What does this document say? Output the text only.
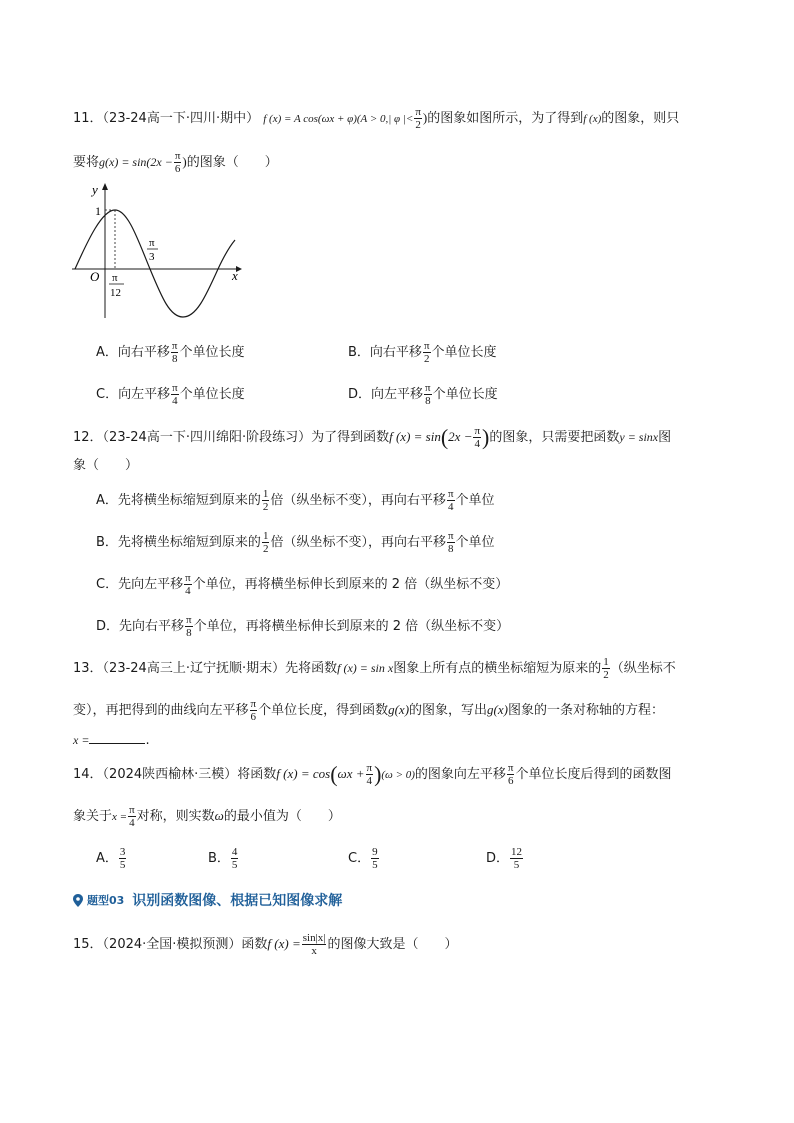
11．（23-24高一下·四川·期中） f (x) = A cos(ωx + φ)(A > 0,| φ |< $\frac{\pi}{2}$ )的图象如图所示，为了得到f (x)的图象，则只
要将$g(x) = \sin(2x - \frac{\pi}{6}$ )的图象（　　）
y
x
O
1
π
12
π
3
A．向右平移 $\frac{\pi}{8}$ 个单位长度	B．向右平移 $\frac{\pi}{2}$ 个单位长度
C．向左平移 $\frac{\pi}{4}$ 个单位长度	D．向左平移 $\frac{\pi}{8}$ 个单位长度
12．（23-24高一下·四川绵阳·阶段练习）为了得到函数f $(x) = \sin(2x - \frac{\pi}{4}$ )的图象，只需要把函数y = sinx图
象（　　）
A．先将横坐标缩短到原来的 $\frac{1}{2}$ 倍（纵坐标不变），再向右平移 $\frac{\pi}{4}$ 个单位
B．先将横坐标缩短到原来的 $\frac{1}{2}$ 倍（纵坐标不变），再向右平移 $\frac{\pi}{8}$ 个单位
C．先向左平移 $\frac{\pi}{4}$ 个单位，再将横坐标伸长到原来的 2 倍（纵坐标不变）
D．先向右平移 $\frac{\pi}{8}$ 个单位，再将横坐标伸长到原来的 2 倍（纵坐标不变）
13．（23-24高三上·辽宁抚顺·期末）先将函数f (x) = sin x图象上所有点的横坐标缩短为原来的 $\frac{1}{2}$ （纵坐标不
变），再把得到的曲线向左平移 $\frac{\pi}{6}$ 个单位长度，得到函数g(x)的图象，写出g(x)图象的一条对称轴的方程：
x =	.
14．（2024陕西榆林·三模）将函数f $(x) = \cos(\omega x + \frac{\pi}{4} )(\omega > 0)$的图象向左平移 $\frac{\pi}{6}$ 个单位长度后得到的函数图
象关于$x = \frac{\pi}{4}$ 对称，则实数ω的最小值为（　　）
A． $\frac{3}{5}$	B． $\frac{4}{5}$	C． $\frac{9}{5}$	D． $\frac{12}{5}$
题型03 识别函数图像、根据已知图像求解
15．（2024·全国·模拟预测）函数f $(x) = \frac{\sin|x|}{x}$ 的图像大致是（　　）
